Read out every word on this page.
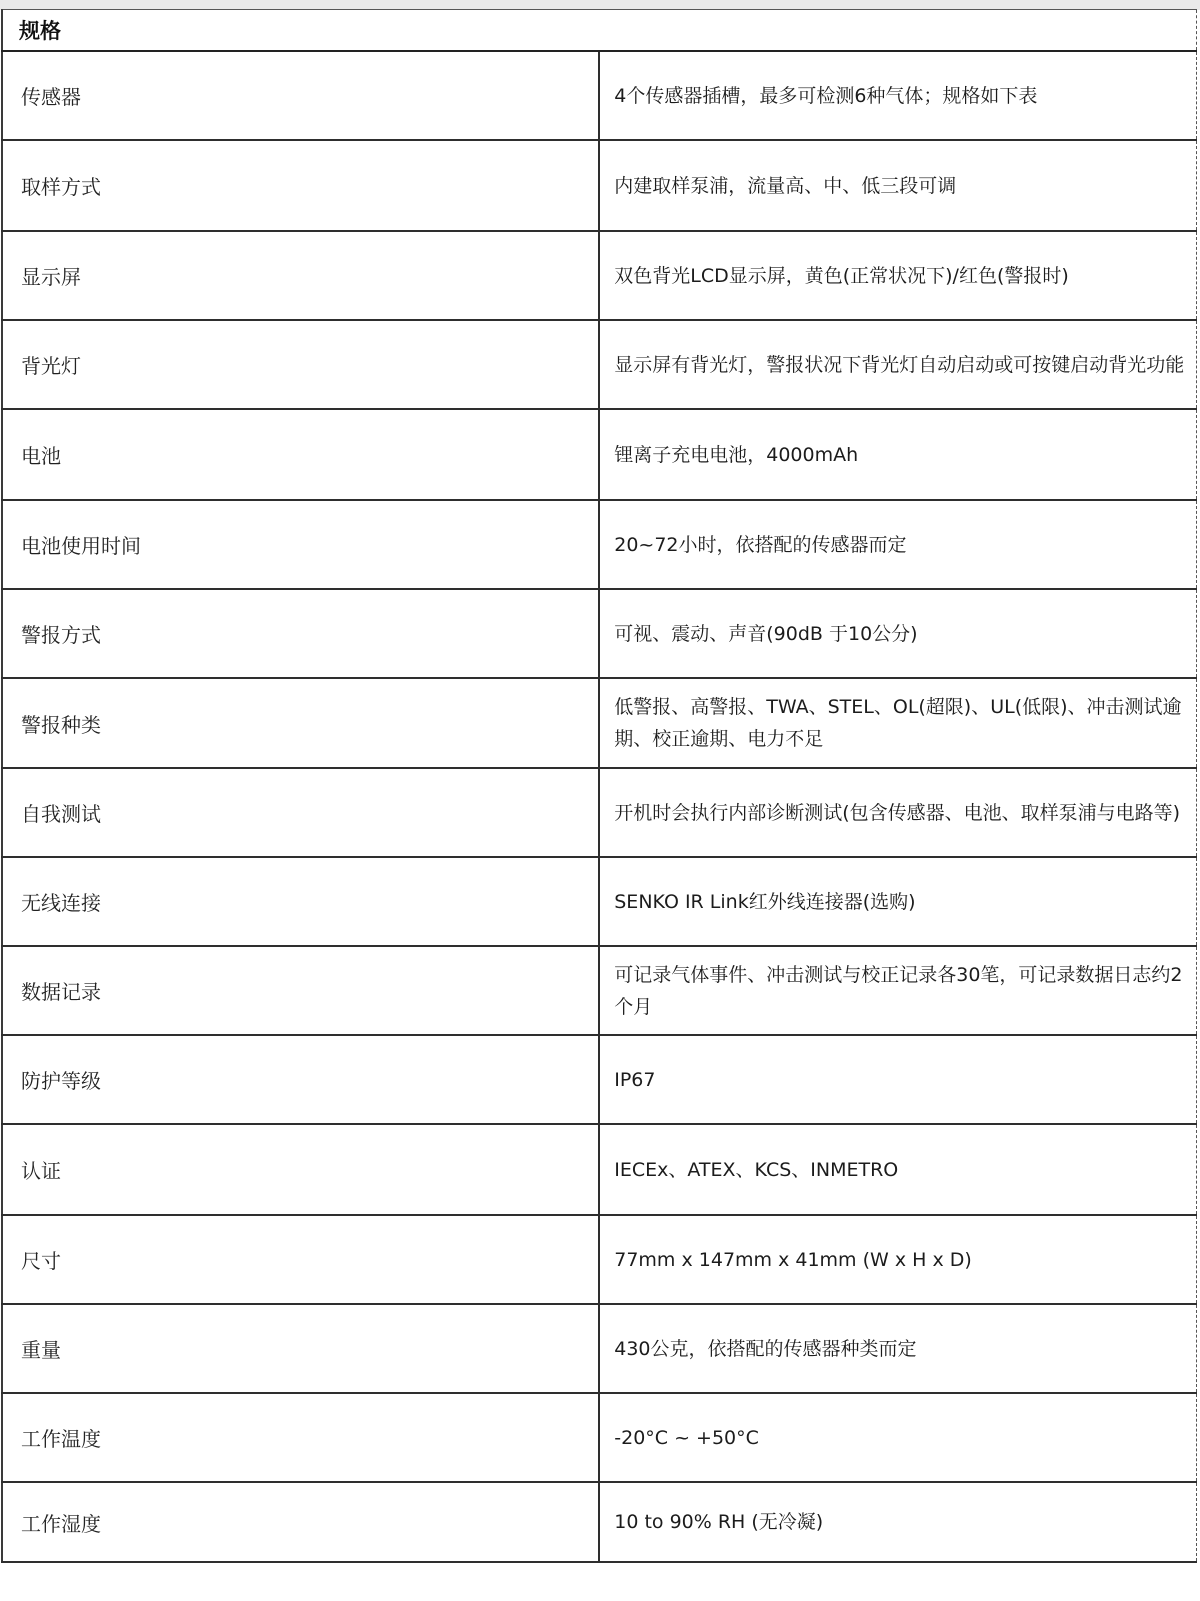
规格	
传感器	4个传感器插槽，最多可检测6种气体；规格如下表
取样方式	内建取样泵浦，流量高、中、低三段可调
显示屏	双色背光LCD显示屏，黄色(正常状况下)/红色(警报时)
背光灯	显示屏有背光灯，警报状况下背光灯自动启动或可按键启动背光功能
电池	锂离子充电电池，4000mAh
电池使用时间	20~72小时，依搭配的传感器而定
警报方式	可视、震动、声音(90dB 于10公分)
警报种类	低警报、高警报、TWA、STEL、OL(超限)、UL(低限)、冲击测试逾期、校正逾期、电力不足
自我测试	开机时会执行内部诊断测试(包含传感器、电池、取样泵浦与电路等)
无线连接	SENKO IR Link红外线连接器(选购)
数据记录	可记录气体事件、冲击测试与校正记录各30笔，可记录数据日志约2个月
防护等级	IP67
认证	IECEx、ATEX、KCS、INMETRO
尺寸	77mm x 147mm x 41mm (W x H x D)
重量	430公克，依搭配的传感器种类而定
工作温度	-20°C ~ +50°C
工作湿度	10 to 90% RH (无冷凝)
